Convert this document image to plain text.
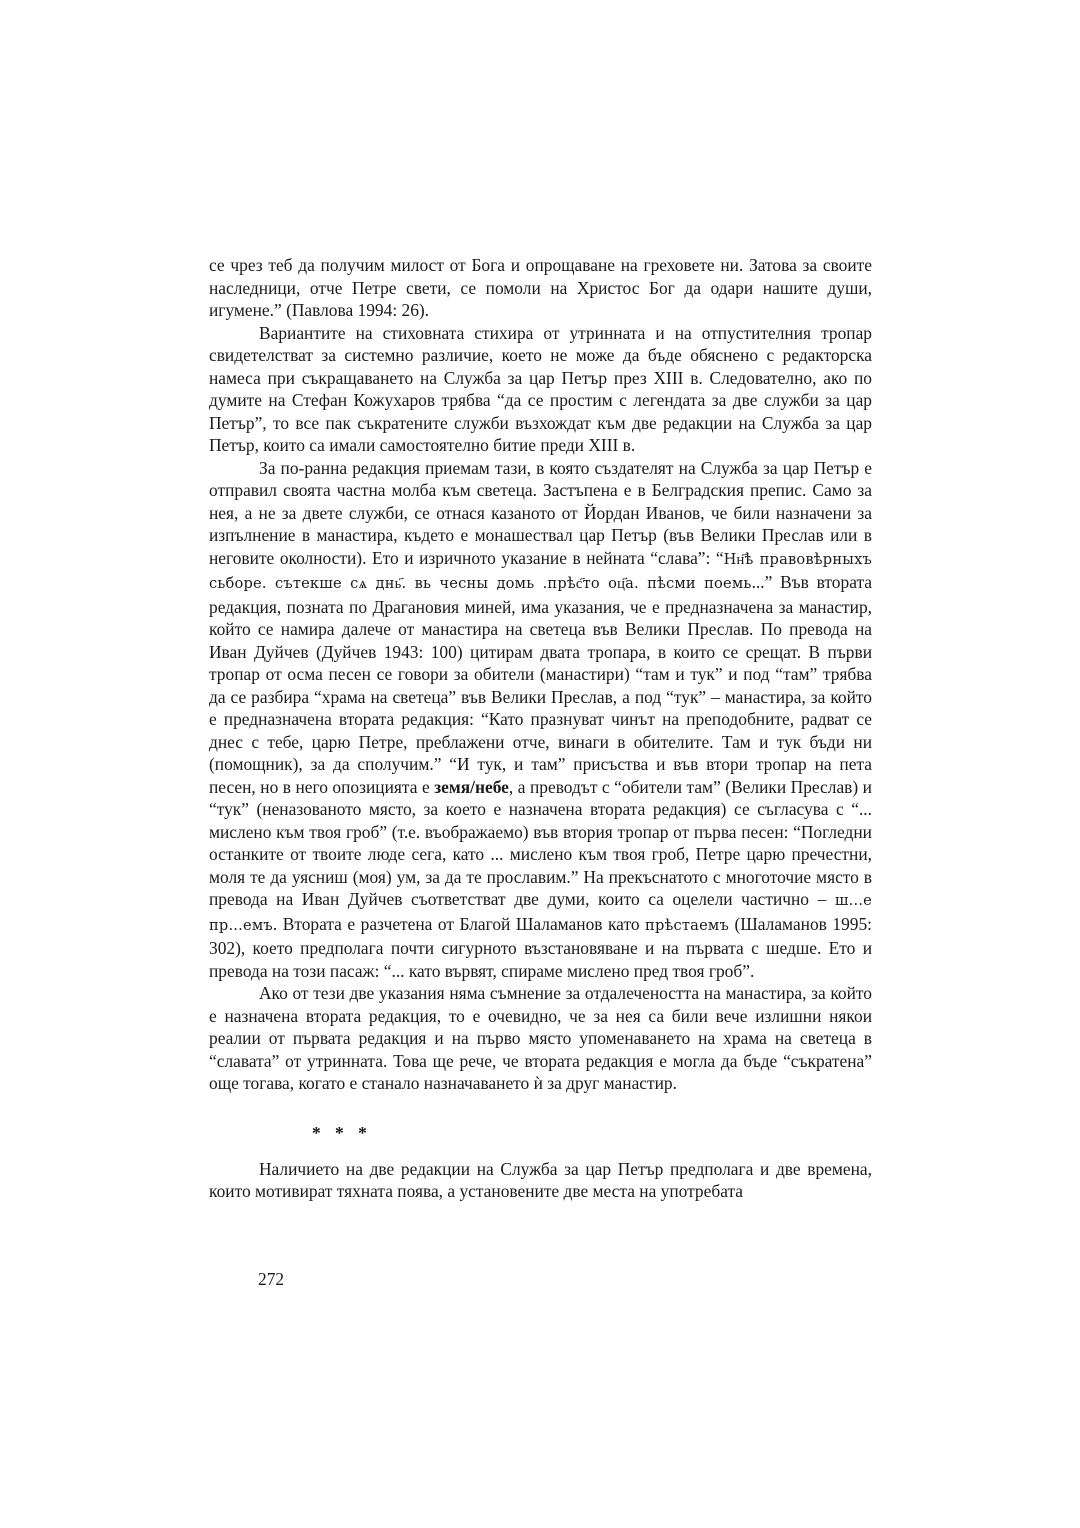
се чрез теб да получим милост от Бога и опрощаване на греховете ни. Затова за своите наследници, отче Петре свети, се помоли на Христос Бог да одари нашите души, игумене.” (Павлова 1994: 26).

Вариантите на стиховната стихира от утринната и на отпустителния тропар свидетелстват за системно различие, което не може да бъде обяснено с редакторска намеса при съкращаването на Служба за цар Петър през XIII в. Следователно, ако по думите на Стефан Кожухаров трябва “да се простим с легендата за две служби за цар Петър”, то все пак съкратените служби възхождат към две редакции на Служба за цар Петър, които са имали самостоятелно битие преди XIII в.

За по-ранна редакция приемам тази, в която създателят на Служба за цар Петър е отправил своята частна молба към светеца. Застъпена е в Белградския препис. Само за нея, а не за двете служби, се отнася казаното от Йордан Иванов, че били назначени за изпълнение в манастира, където е монашествал цар Петър (във Велики Преслав или в неговите околности). Ето и изричното указание в нейната “слава”: “Нн҃ѣ правовѣрныхъ сьборе. сътекше сѧ днь҃. вь чесны домь .прѣс҃то оц҃а. пѣсми поемь...” Във втората редакция, позната по Драгановия миней, има указания, че е предназначена за манастир, който се намира далече от манастира на светеца във Велики Преслав. По превода на Иван Дуйчев (Дуйчев 1943: 100) цитирам двата тропара, в които се срещат. В първи тропар от осма песен се говори за обители (манастири) “там и тук” и под “там” трябва да се разбира “храма на светеца” във Велики Преслав, а под “тук” – манастира, за който е предназначена втората редакция: “Като празнуват чинът на преподобните, радват се днес с тебе, царю Петре, преблажени отче, винаги в обителите. Там и тук бъди ни (помощник), за да сполучим.” “И тук, и там” присъства и във втори тропар на пета песен, но в него опозицията е земя/небе, а преводът с “обители там” (Велики Преслав) и “тук” (неназованото място, за което е назначена втората редакция) се съгласува с “... мислено към твоя гроб” (т.е. въображаемо) във втория тропар от първа песен: “Погледни останките от твоите люде сега, като ... мислено към твоя гроб, Петре царю пречестни, моля те да уясниш (моя) ум, за да те прославим.” На прекъснатото с многоточие място в превода на Иван Дуйчев съответстват две думи, които са оцелели частично – ш...е пр...емъ. Втората е разчетена от Благой Шаламанов като прѣстаемъ (Шаламанов 1995: 302), което предполага почти сигурното възстановяване и на първата с шедше. Ето и превода на този пасаж: “... като вървят, спираме мислено пред твоя гроб”.

Ако от тези две указания няма съмнение за отдалечеността на манастира, за който е назначена втората редакция, то е очевидно, че за нея са били вече излишни някои реалии от първата редакция и на първо място упоменаването на храма на светеца в “славата” от утринната. Това ще рече, че втората редакция е могла да бъде “съкратена” още тогава, когато е станало назначаването ѝ за друг манастир.

* * *

Наличието на две редакции на Служба за цар Петър предполага и две времена, които мотивират тяхната поява, а установените две места на употребата

272
